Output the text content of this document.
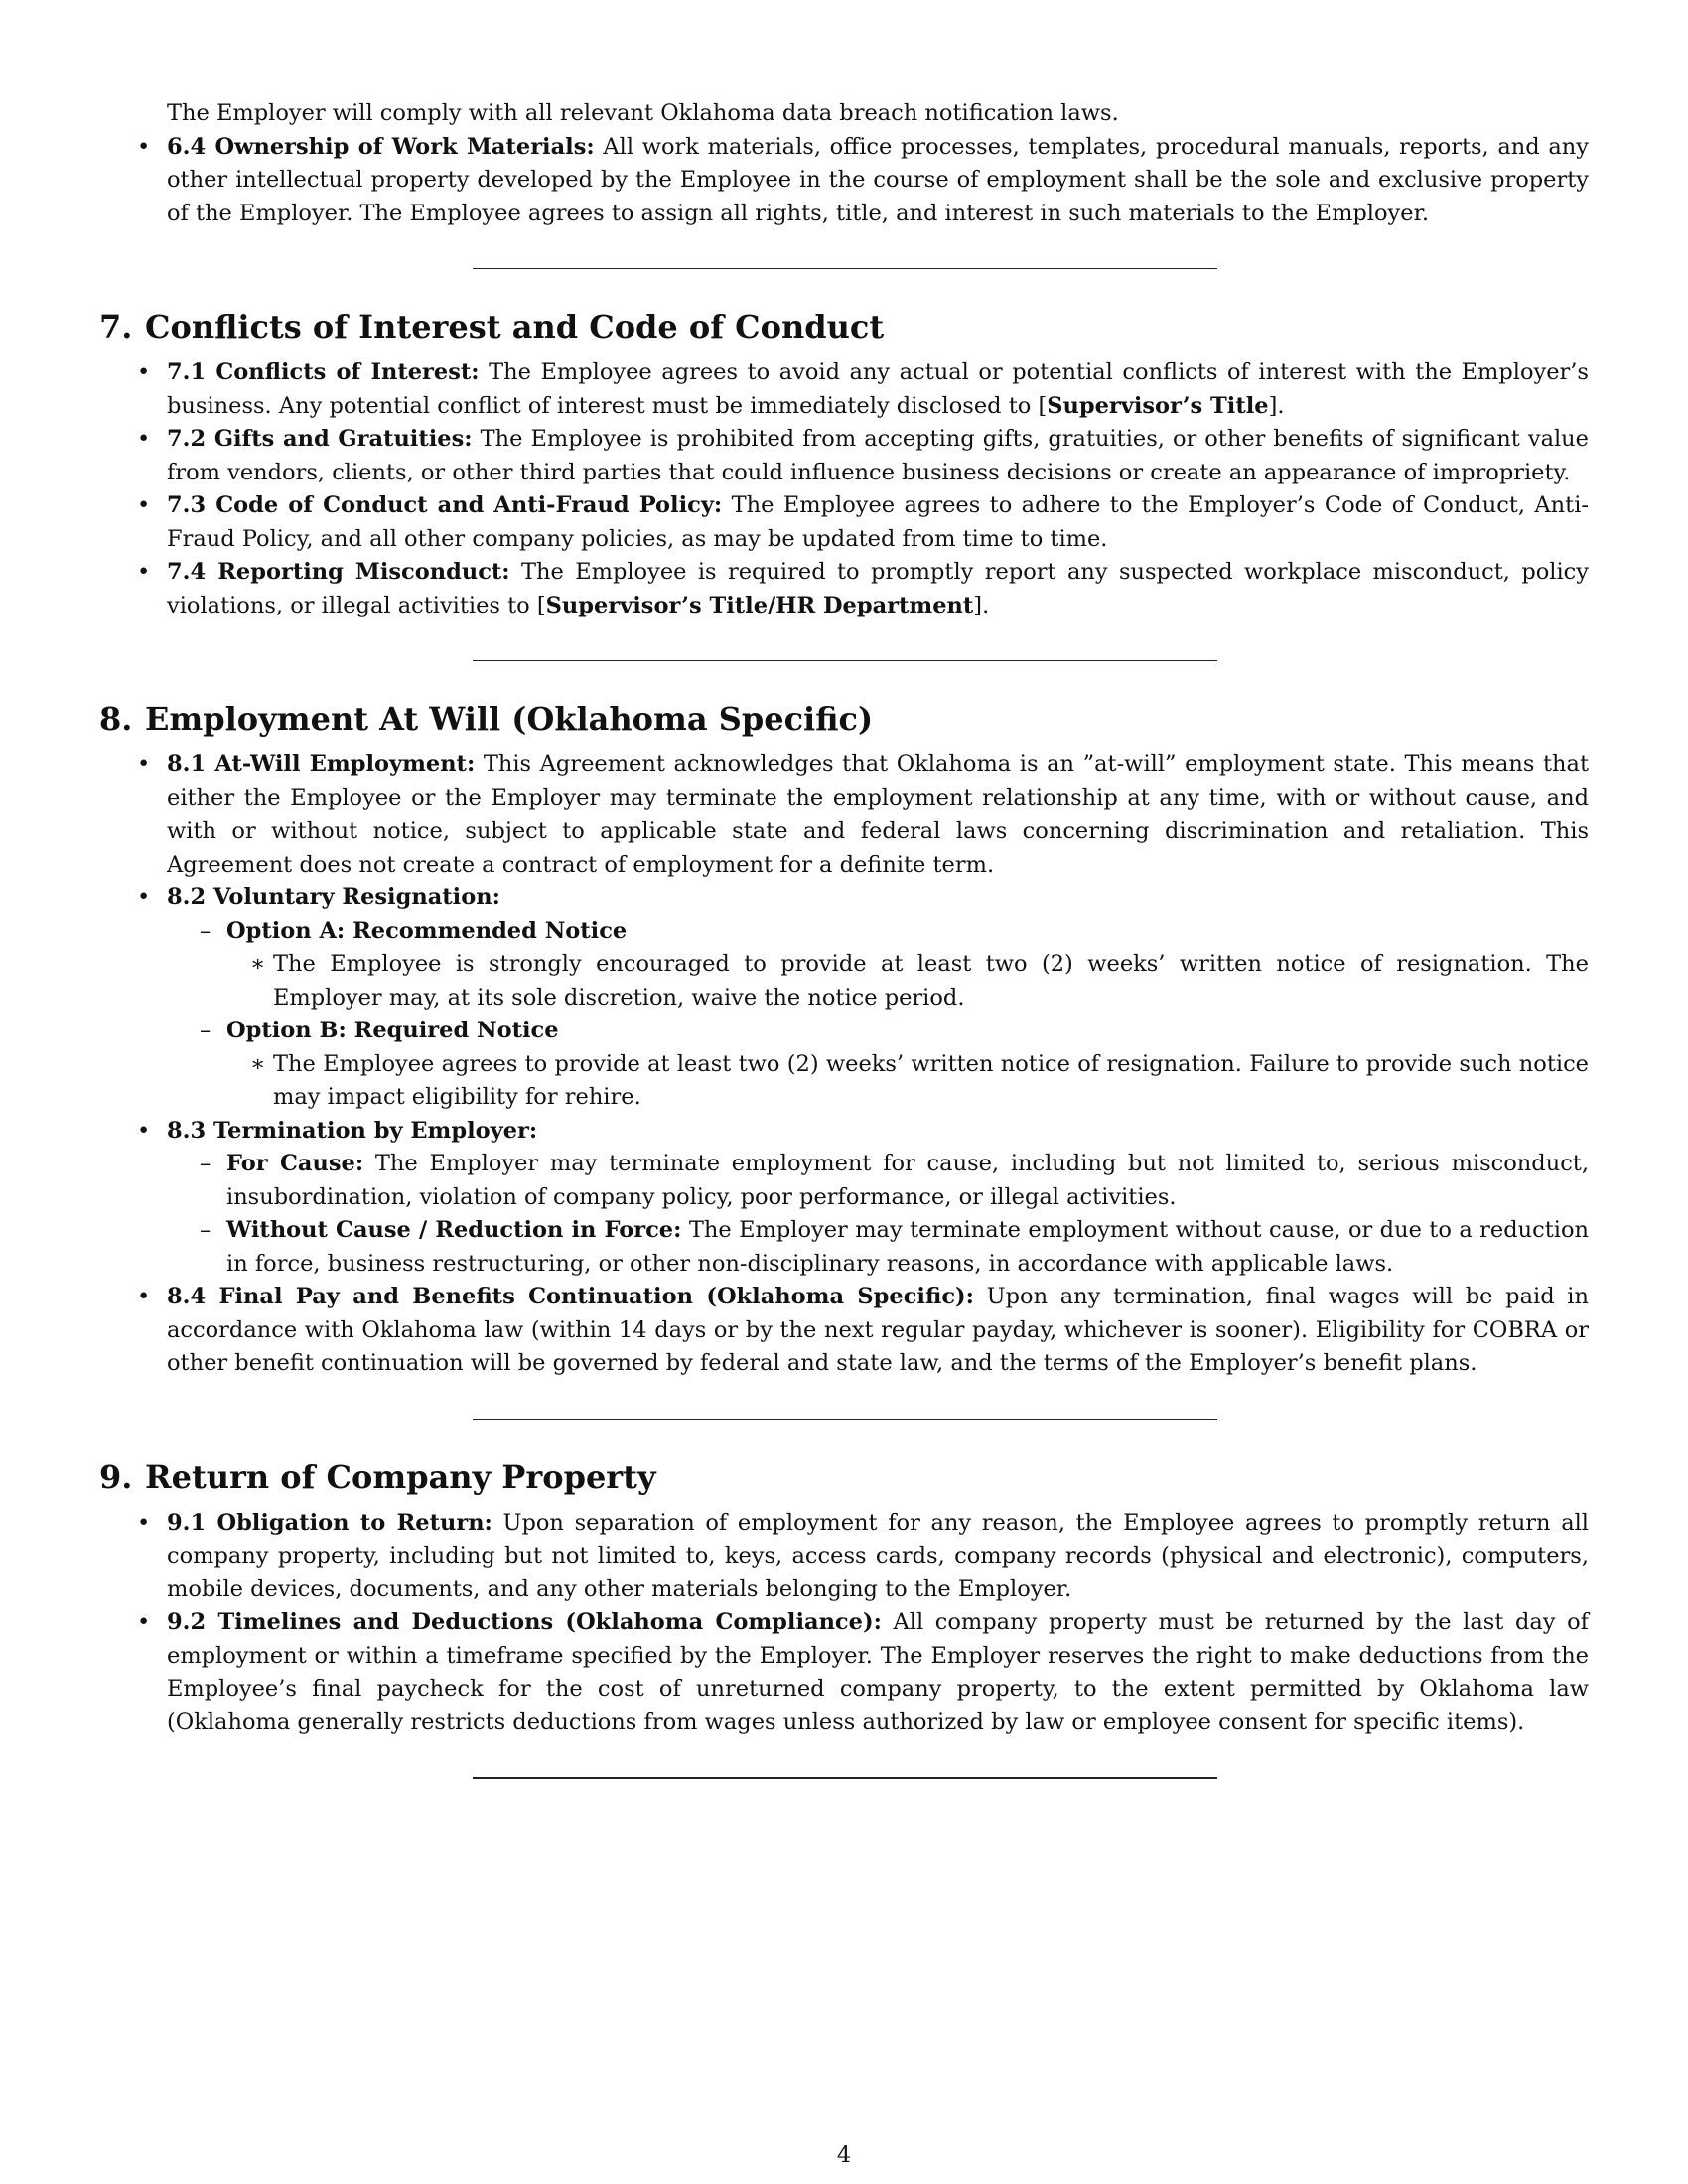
The Employer will comply with all relevant Oklahoma data breach notification laws.

• 6.4 Ownership of Work Materials: All work materials, office processes, templates, procedural manuals, reports, and any other intellectual property developed by the Employee in the course of employment shall be the sole and exclusive property of the Employer. The Employee agrees to assign all rights, title, and interest in such materials to the Employer.
7. Conflicts of Interest and Code of Conduct
• 7.1 Conflicts of Interest: The Employee agrees to avoid any actual or potential conflicts of interest with the Employer’s business. Any potential conflict of interest must be immediately disclosed to [Supervisor’s Title].
• 7.2 Gifts and Gratuities: The Employee is prohibited from accepting gifts, gratuities, or other benefits of significant value from vendors, clients, or other third parties that could influence business decisions or create an appearance of impropriety.
• 7.3 Code of Conduct and Anti-Fraud Policy: The Employee agrees to adhere to the Employer’s Code of Conduct, Anti-Fraud Policy, and all other company policies, as may be updated from time to time.
• 7.4 Reporting Misconduct: The Employee is required to promptly report any suspected workplace misconduct, policy violations, or illegal activities to [Supervisor’s Title/HR Department].
8. Employment At Will (Oklahoma Specific)
• 8.1 At-Will Employment: This Agreement acknowledges that Oklahoma is an ”at-will” employment state. This means that either the Employee or the Employer may terminate the employment relationship at any time, with or without cause, and with or without notice, subject to applicable state and federal laws concerning discrimination and retaliation. This Agreement does not create a contract of employment for a definite term.
• 8.2 Voluntary Resignation:
– Option A: Recommended Notice
∗ The Employee is strongly encouraged to provide at least two (2) weeks’ written notice of resignation. The Employer may, at its sole discretion, waive the notice period.
– Option B: Required Notice
∗ The Employee agrees to provide at least two (2) weeks’ written notice of resignation. Failure to provide such notice may impact eligibility for rehire.
• 8.3 Termination by Employer:
– For Cause: The Employer may terminate employment for cause, including but not limited to, serious misconduct, insubordination, violation of company policy, poor performance, or illegal activities.
– Without Cause / Reduction in Force: The Employer may terminate employment without cause, or due to a reduction in force, business restructuring, or other non-disciplinary reasons, in accordance with applicable laws.
• 8.4 Final Pay and Benefits Continuation (Oklahoma Specific): Upon any termination, final wages will be paid in accordance with Oklahoma law (within 14 days or by the next regular payday, whichever is sooner). Eligibility for COBRA or other benefit continuation will be governed by federal and state law, and the terms of the Employer’s benefit plans.
9. Return of Company Property
• 9.1 Obligation to Return: Upon separation of employment for any reason, the Employee agrees to promptly return all company property, including but not limited to, keys, access cards, company records (physical and electronic), computers, mobile devices, documents, and any other materials belonging to the Employer.
• 9.2 Timelines and Deductions (Oklahoma Compliance): All company property must be returned by the last day of employment or within a timeframe specified by the Employer. The Employer reserves the right to make deductions from the Employee’s final paycheck for the cost of unreturned company property, to the extent permitted by Oklahoma law (Oklahoma generally restricts deductions from wages unless authorized by law or employee consent for specific items).
4
